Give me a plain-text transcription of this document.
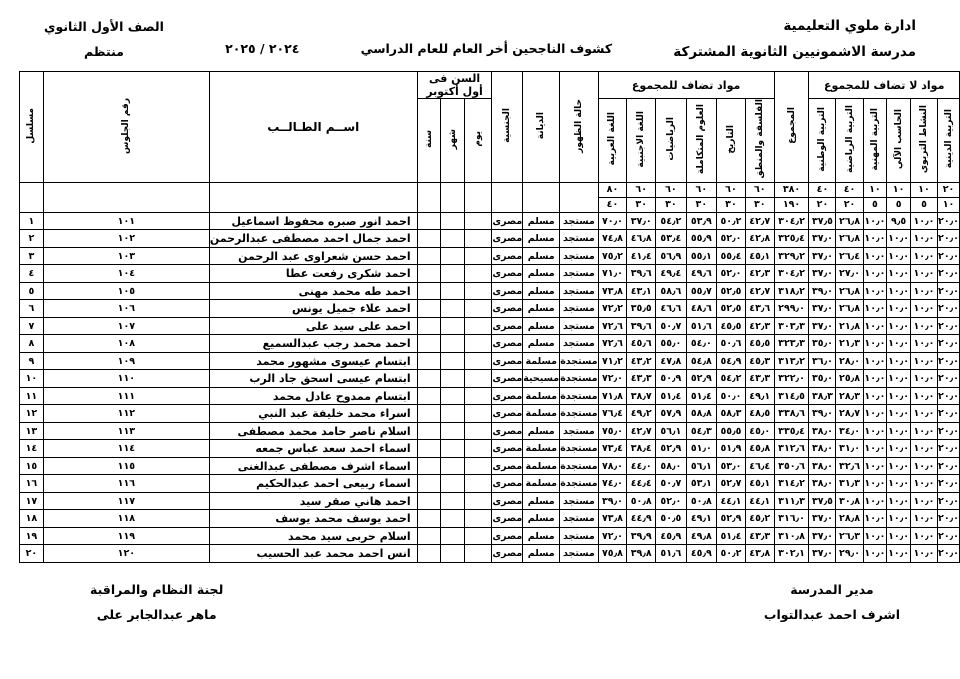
ادارة ملوي التعليمية
مدرسة الاشمونيين الثانوية المشتركة
كشوف الناجحين أخر العام للعام الدراسي
٢٠٢٤ / ٢٠٢٥
الصف الأول الثانوي
منتظم
مواد لا تضاف للمجموع						المجموع	مواد تضاف للمجموع						حالة الظهور	الديانة	الجنسية	السن فى أول أكتوبر			اســم الطـالــب	رقم الجلوس	مسلسل
التربية الدينية	النشاط التربوي	الحاسب الآلي	التربية المهنية	التربية الرياضية	التربية الوطنية		الفلسفة والمنطق	التاريخ	العلوم المتكاملة	الرياضيات	اللغة الاجنبية	اللغة العربية				يوم	شهر	سنة			
٢٠	١٠	١٠	١٠	٤٠	٤٠	٣٨٠	٦٠	٦٠	٦٠	٦٠	٦٠	٨٠									
١٠	٥	٥	٥	٢٠	٢٠	١٩٠	٣٠	٣٠	٣٠	٣٠	٣٠	٤٠									
٢٠٫٠	١٠٫٠	٩٫٥	١٠٫٠	٢٦٫٨	٣٧٫٥	٣٠٤٫٢	٤٢٫٧	٥٠٫٢	٥٣٫٩	٥٤٫٢	٣٧٫٠	٧٠٫٠	مستجد	مسلم	مصرى				احمد انور صبره محفوظ اسماعيل	١٠١	١
٢٠٫٠	١٠٫٠	١٠٫٠	١٠٫٠	٢٦٫٨	٣٧٫٠	٣٢٥٫٤	٤٢٫٨	٥٢٫٠	٥٥٫٩	٥٣٫٤	٤٦٫٨	٧٤٫٨	مستجد	مسلم	مصرى				احمد جمال احمد مصطفى عبدالرحمن	١٠٢	٢
٢٠٫٠	١٠٫٠	١٠٫٠	١٠٫٠	٢٦٫٤	٣٧٫٠	٣٢٩٫٢	٤٥٫١	٥٥٫٤	٥٥٫١	٥٦٫٩	٤١٫٤	٧٥٫٢	مستجد	مسلم	مصرى				احمد حسن شعراوى عبد الرحمن	١٠٣	٣
٢٠٫٠	١٠٫٠	١٠٫٠	١٠٫٠	٢٧٫٠	٣٧٫٠	٣٠٤٫٢	٤٢٫٣	٥٢٫٠	٤٩٫٦	٤٩٫٤	٣٩٫٦	٧١٫٠	مستجد	مسلم	مصرى				احمد شكرى رفعت عطا	١٠٤	٤
٢٠٫٠	١٠٫٠	١٠٫٠	١٠٫٠	٢٦٫٨	٣٩٫٠	٣١٨٫٢	٤٢٫٧	٥٢٫٥	٥٥٫٧	٥٨٫٦	٤٣٫١	٧٣٫٨	مستجد	مسلم	مصرى				احمد طه محمد مهنى	١٠٥	٥
٢٠٫٠	١٠٫٠	١٠٫٠	١٠٫٠	٢٦٫٨	٣٧٫٠	٢٩٩٫٠	٤٣٫٦	٥٢٫٥	٤٨٫٦	٤٦٫٦	٣٥٫٥	٧٢٫٢	مستجد	مسلم	مصرى				احمد علاء جميل يونس	١٠٦	٦
٢٠٫٠	١٠٫٠	١٠٫٠	١٠٫٠	٢١٫٨	٣٧٫٠	٣٠٣٫٣	٤٢٫٣	٤٥٫٥	٥١٫٦	٥٠٫٧	٣٩٫٦	٧٢٫٦	مستجد	مسلم	مصرى				احمد على سيد على	١٠٧	٧
٢٠٫٠	١٠٫٠	١٠٫٠	١٠٫٠	٢١٫٣	٣٥٫٠	٣٢٣٫٣	٤٥٫٥	٥٠٫٦	٥٤٫٠	٥٥٫٠	٤٥٫٦	٧٢٫٦	مستجد	مسلم	مصرى				احمد محمد رجب عبدالسميع	١٠٨	٨
٢٠٫٠	١٠٫٠	١٠٫٠	١٠٫٠	٢٨٫٠	٣٦٫٠	٣١٣٫٢	٤٥٫٣	٥٤٫٩	٥٤٫٨	٤٧٫٨	٤٣٫٢	٧١٫٢	مستجدة	مسلمة	مصرى				ابتسام عيسوى مشهور محمد	١٠٩	٩
٢٠٫٠	١٠٫٠	١٠٫٠	١٠٫٠	٢٥٫٨	٣٥٫٠	٣٢٢٫٠	٤٣٫٣	٥٤٫٢	٥٢٫٩	٥٠٫٩	٤٣٫٣	٧٢٫٠	مستجدة	مسيحية	مصرى				ابتسام عيسى اسحق جاد الرب	١١٠	١٠
٢٠٫٠	١٠٫٠	١٠٫٠	١٠٫٠	٢٨٫٣	٣٨٫٣	٣١٤٫٥	٤٩٫١	٥٠٫٠	٥١٫٤	٥١٫٤	٣٨٫٧	٧١٫٨	مستجدة	مسلمة	مصرى				ابتسام ممدوح عادل محمد	١١١	١١
٢٠٫٠	١٠٫٠	١٠٫٠	١٠٫٠	٢٨٫٧	٣٩٫٠	٣٣٨٫٦	٤٨٫٥	٥٨٫٣	٥٨٫٨	٥٧٫٩	٤٩٫٢	٧٦٫٤	مستجدة	مسلمة	مصرى				اسراء محمد خليفة عبد النبي	١١٢	١٢
٢٠٫٠	١٠٫٠	١٠٫٠	١٠٫٠	٣٤٫٠	٣٨٫٠	٣٣٥٫٤	٤٥٫٠	٥٥٫٥	٥٤٫٣	٥٦٫١	٤٢٫٧	٧٥٫٠	مستجد	مسلم	مصرى				اسلام ناصر حامد محمد مصطفى	١١٣	١٣
٢٠٫٠	١٠٫٠	١٠٫٠	١٠٫٠	٣١٫٠	٣٨٫٠	٣١٢٫٦	٤٥٫٨	٥١٫٩	٥١٫٠	٥٢٫٩	٣٨٫٤	٧٣٫٤	مستجدة	مسلمة	مصرى				اسماء احمد سعد عباس جمعه	١١٤	١٤
٢٠٫٠	١٠٫٠	١٠٫٠	١٠٫٠	٣٢٫٦	٣٨٫٠	٣٥٠٫٦	٤٦٫٤	٥٣٫٠	٥٦٫١	٥٨٫٠	٤٤٫٠	٧٨٫٠	مستجدة	مسلمة	مصرى				اسماء اشرف مصطفى عبدالغنى	١١٥	١٥
٢٠٫٠	١٠٫٠	١٠٫٠	١٠٫٠	٣١٫٣	٣٨٫٠	٣١٤٫٢	٤٥٫١	٥٢٫٧	٥٣٫١	٥٠٫٧	٤٤٫٤	٧٤٫٠	مستجدة	مسلمة	مصرى				اسماء ربيعى احمد عبدالحكيم	١١٦	١٦
٢٠٫٠	١٠٫٠	١٠٫٠	١٠٫٠	٣٠٫٨	٣٧٫٥	٣١١٫٣	٤٤٫١	٤٤٫١	٥٠٫٨	٥٢٫٠	٥٠٫٨	٣٩٫٠	مستجد	مسلم	مصرى				احمد هاني صقر سيد	١١٧	١٧
٢٠٫٠	١٠٫٠	١٠٫٠	١٠٫٠	٢٨٫٨	٣٧٫٠	٣١٦٫٠	٤٥٫٢	٥٢٫٩	٤٩٫١	٥٠٫٥	٤٤٫٩	٧٣٫٨	مستجد	مسلم	مصرى				احمد يوسف محمد يوسف	١١٨	١٨
٢٠٫٠	١٠٫٠	١٠٫٠	١٠٫٠	٢٦٫٣	٣٧٫٠	٣١٠٫٨	٤٣٫٣	٥١٫٤	٤٩٫٨	٤٥٫٩	٣٩٫٩	٧٢٫٠	مستجد	مسلم	مصرى				اسلام حربى سيد محمد	١١٩	١٩
٢٠٫٠	١٠٫٠	١٠٫٠	١٠٫٠	٢٩٫٠	٣٧٫٠	٣٠٢٫١	٤٣٫٨	٥٠٫٢	٤٥٫٩	٥١٫٦	٣٩٫٨	٧٥٫٨	مستجد	مسلم	مصرى				انس احمد محمد عبد الحسيب	١٢٠	٢٠
مدير المدرسة
اشرف احمد عبدالتواب
لجنة النظام والمراقبة
ماهر عبدالجابر على
